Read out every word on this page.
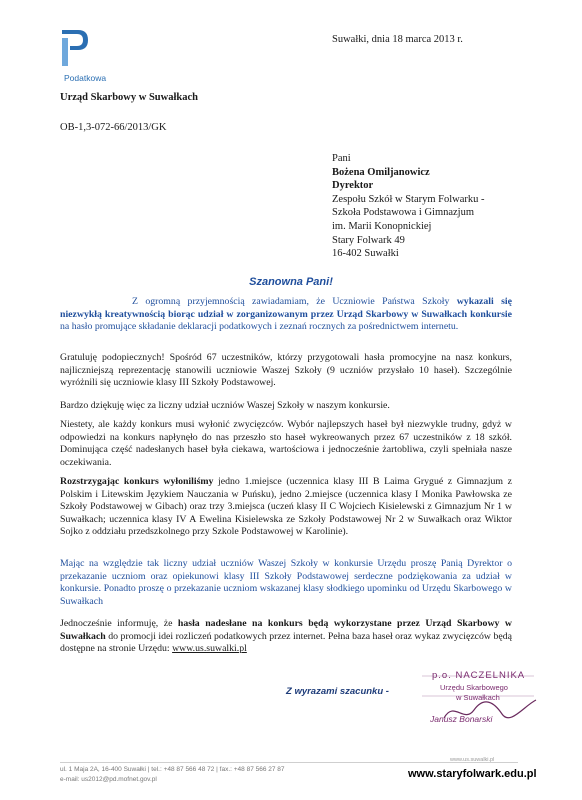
Podatkowa
Urząd Skarbowy w Suwałkach
Suwałki, dnia 18 marca 2013 r.
OB-1,3-072-66/2013/GK
Pani
Bożena Omiljanowicz
Dyrektor
Zespołu Szkół w Starym Folwarku -
Szkoła Podstawowa i Gimnazjum
im. Marii Konopnickiej
Stary Folwark 49
16-402 Suwałki
Szanowna Pani!
Z ogromną przyjemnością zawiadamiam, że Uczniowie Państwa Szkoły wykazali się niezwykłą kreatywnością biorąc udział w zorganizowanym przez Urząd Skarbowy w Suwałkach konkursie na hasło promujące składanie deklaracji podatkowych i zeznań rocznych za pośrednictwem internetu.
Gratuluję podopiecznych! Spośród 67 uczestników, którzy przygotowali hasła promocyjne na nasz konkurs, najliczniejszą reprezentację stanowili uczniowie Waszej Szkoły (9 uczniów przysłało 10 haseł). Szczególnie wyróżnili się uczniowie klasy III Szkoły Podstawowej.
Bardzo dziękuję więc za liczny udział uczniów Waszej Szkoły w naszym konkursie.
Niestety, ale każdy konkurs musi wyłonić zwycięzców. Wybór najlepszych haseł był niezwykle trudny, gdyż w odpowiedzi na konkurs napłynęło do nas przeszło sto haseł wykreowanych przez 67 uczestników z 18 szkół. Dominująca część nadesłanych haseł była ciekawa, wartościowa i jednocześnie żartobliwa, czyli spełniała nasze oczekiwania.
Rozstrzygając konkurs wyłoniliśmy jedno 1.miejsce (uczennica klasy III B Laima Grygué z Gimnazjum z Polskim i Litewskim Językiem Nauczania w Puńsku), jedno 2.miejsce (uczennica klasy I Monika Pawłowska ze Szkoły Podstawowej w Gibach) oraz trzy 3.miejsca (uczeń klasy II C Wojciech Kisielewski z Gimnazjum Nr 1 w Suwałkach; uczennica klasy IV A Ewelina Kisielewska ze Szkoły Podstawowej Nr 2 w Suwałkach oraz Wiktor Sojko z oddziału przedszkolnego przy Szkole Podstawowej w Karolinie).
Mając na względzie tak liczny udział uczniów Waszej Szkoły w konkursie Urzędu proszę Panią Dyrektor o przekazanie uczniom oraz opiekunowi klasy III Szkoły Podstawowej serdeczne podziękowania za udział w konkursie. Ponadto proszę o przekazanie uczniom wskazanej klasy słodkiego upominku od Urzędu Skarbowego w Suwałkach
Jednocześnie informuję, że hasła nadesłane na konkurs będą wykorzystane przez Urząd Skarbowy w Suwałkach do promocji idei rozliczeń podatkowych przez internet. Pełna baza haseł oraz wykaz zwycięzców będą dostępne na stronie Urzędu: www.us.suwalki.pl
Z wyrazami szacunku -
p.o. NACZELNIKA
Urzędu Skarbowego
w Suwałkach
Janusz Bonarski
www.us.suwalki.pl
ul. 1 Maja 2A, 16-400 Suwałki | tel.: +48 87 566 48 72 | fax.: +48 87 566 27 87
e-mail: us2012@pd.mofnet.gov.pl	www.staryfolwark.edu.pl
